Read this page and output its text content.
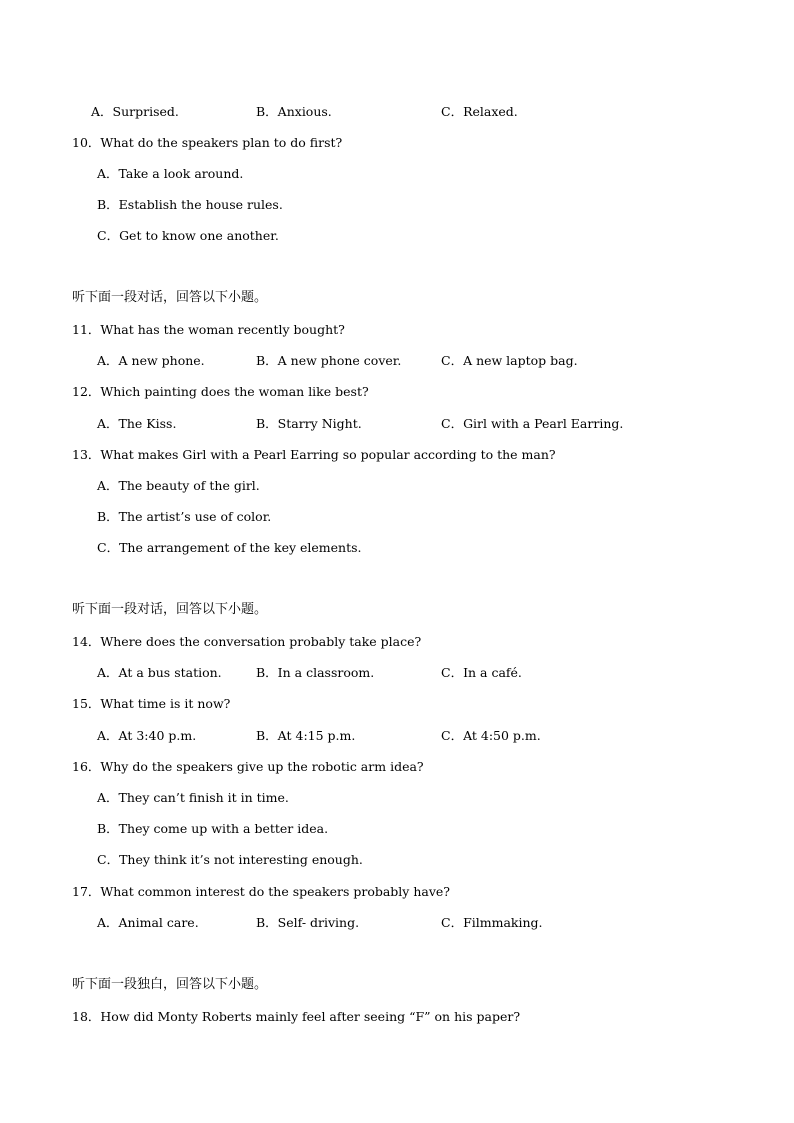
A．Surprised.	B．Anxious.	C．Relaxed.
10．What do the speakers plan to do first?
A．Take a look around.
B．Establish the house rules.
C．Get to know one another.
听下面一段对话，回答以下小题。
11．What has the woman recently bought?
A．A new phone.	B．A new phone cover.	C．A new laptop bag.
12．Which painting does the woman like best?
A．The Kiss.	B．Starry Night.	C．Girl with a Pearl Earring.
13．What makes Girl with a Pearl Earring so popular according to the man?
A．The beauty of the girl.
B．The artist’s use of color.
C．The arrangement of the key elements.
听下面一段对话，回答以下小题。
14．Where does the conversation probably take place?
A．At a bus station.	B．In a classroom.	C．In a café.
15．What time is it now?
A．At 3:40 p.m.	B．At 4:15 p.m.	C．At 4:50 p.m.
16．Why do the speakers give up the robotic arm idea?
A．They can’t finish it in time.
B．They come up with a better idea.
C．They think it’s not interesting enough.
17．What common interest do the speakers probably have?
A．Animal care.	B．Self- driving.	C．Filmmaking.
听下面一段独白，回答以下小题。
18．How did Monty Roberts mainly feel after seeing “F” on his paper?
